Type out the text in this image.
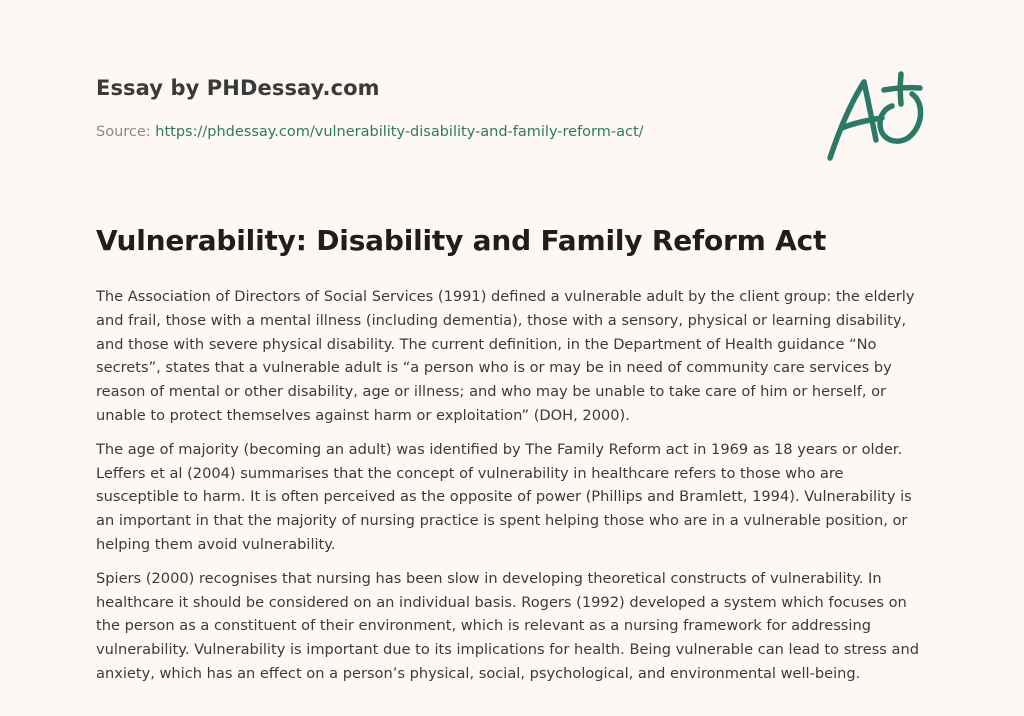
Essay by PHDessay.com
Source: https://phdessay.com/vulnerability-disability-and-family-reform-act/
Vulnerability: Disability and Family Reform Act

The Association of Directors of Social Services (1991) defined a vulnerable adult by the client group: the elderly and frail, those with a mental illness (including dementia), those with a sensory, physical or learning disability, and those with severe physical disability. The current definition, in the Department of Health guidance “No secrets”, states that a vulnerable adult is “a person who is or may be in need of community care services by reason of mental or other disability, age or illness; and who may be unable to take care of him or herself, or unable to protect themselves against harm or exploitation” (DOH, 2000).

The age of majority (becoming an adult) was identified by The Family Reform act in 1969 as 18 years or older. Leffers et al (2004) summarises that the concept of vulnerability in healthcare refers to those who are susceptible to harm. It is often perceived as the opposite of power (Phillips and Bramlett, 1994). Vulnerability is an important in that the majority of nursing practice is spent helping those who are in a vulnerable position, or helping them avoid vulnerability.

Spiers (2000) recognises that nursing has been slow in developing theoretical constructs of vulnerability. In healthcare it should be considered on an individual basis. Rogers (1992) developed a system which focuses on the person as a constituent of their environment, which is relevant as a nursing framework for addressing vulnerability. Vulnerability is important due to its implications for health. Being vulnerable can lead to stress and anxiety, which has an effect on a person’s physical, social, psychological, and environmental well-being.
